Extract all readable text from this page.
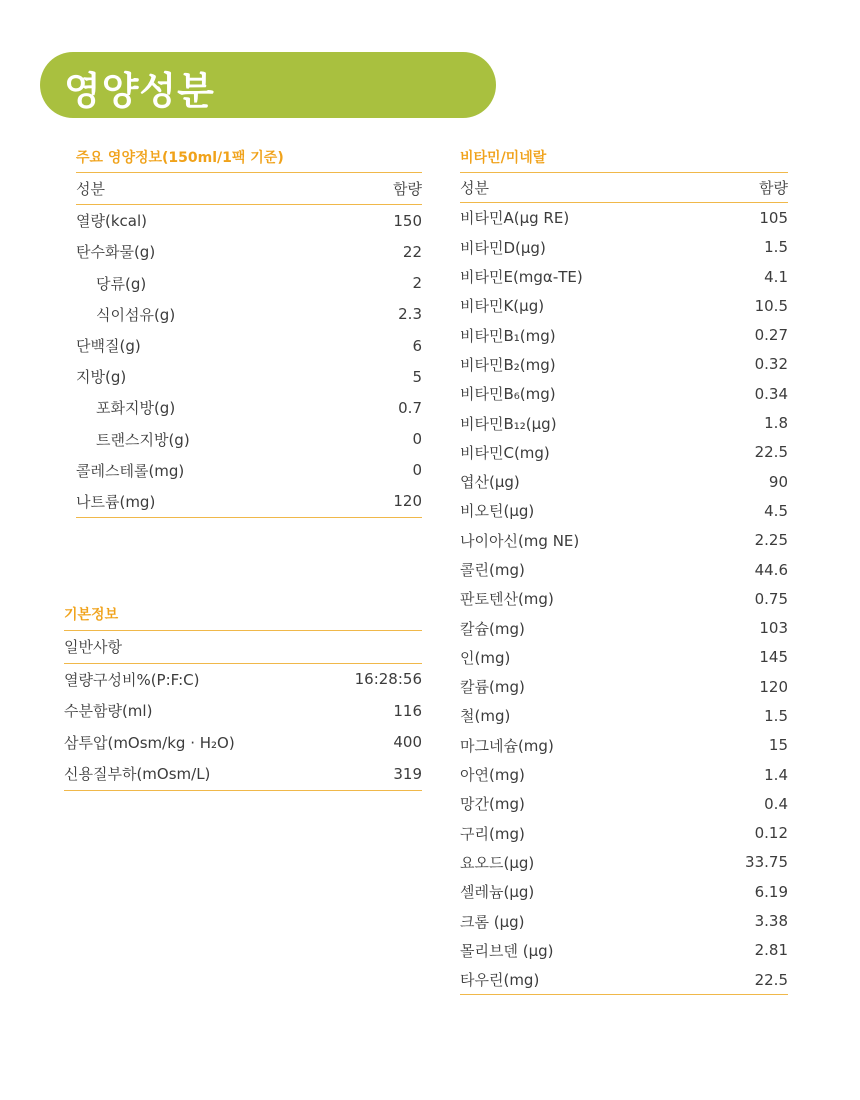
영양성분
주요 영양정보(150ml/1팩 기준)
성분	함량
열량(kcal)	150
탄수화물(g)	22
당류(g)	2
식이섬유(g)	2.3
단백질(g)	6
지방(g)	5
포화지방(g)	0.7
트랜스지방(g)	0
콜레스테롤(mg)	0
나트륨(mg)	120
기본정보
일반사항
열량구성비%(P:F:C)	16:28:56
수분함량(ml)	116
삼투압(mOsm/kg · H₂O)	400
신용질부하(mOsm/L)	319
비타민/미네랄
성분	함량
비타민A(μg RE)	105
비타민D(μg)	1.5
비타민E(mgα-TE)	4.1
비타민K(μg)	10.5
비타민B₁(mg)	0.27
비타민B₂(mg)	0.32
비타민B₆(mg)	0.34
비타민B₁₂(μg)	1.8
비타민C(mg)	22.5
엽산(μg)	90
비오틴(μg)	4.5
나이아신(mg NE)	2.25
콜린(mg)	44.6
판토텐산(mg)	0.75
칼슘(mg)	103
인(mg)	145
칼륨(mg)	120
철(mg)	1.5
마그네슘(mg)	15
아연(mg)	1.4
망간(mg)	0.4
구리(mg)	0.12
요오드(μg)	33.75
셀레늄(μg)	6.19
크롬 (μg)	3.38
몰리브덴 (μg)	2.81
타우린(mg)	22.5
